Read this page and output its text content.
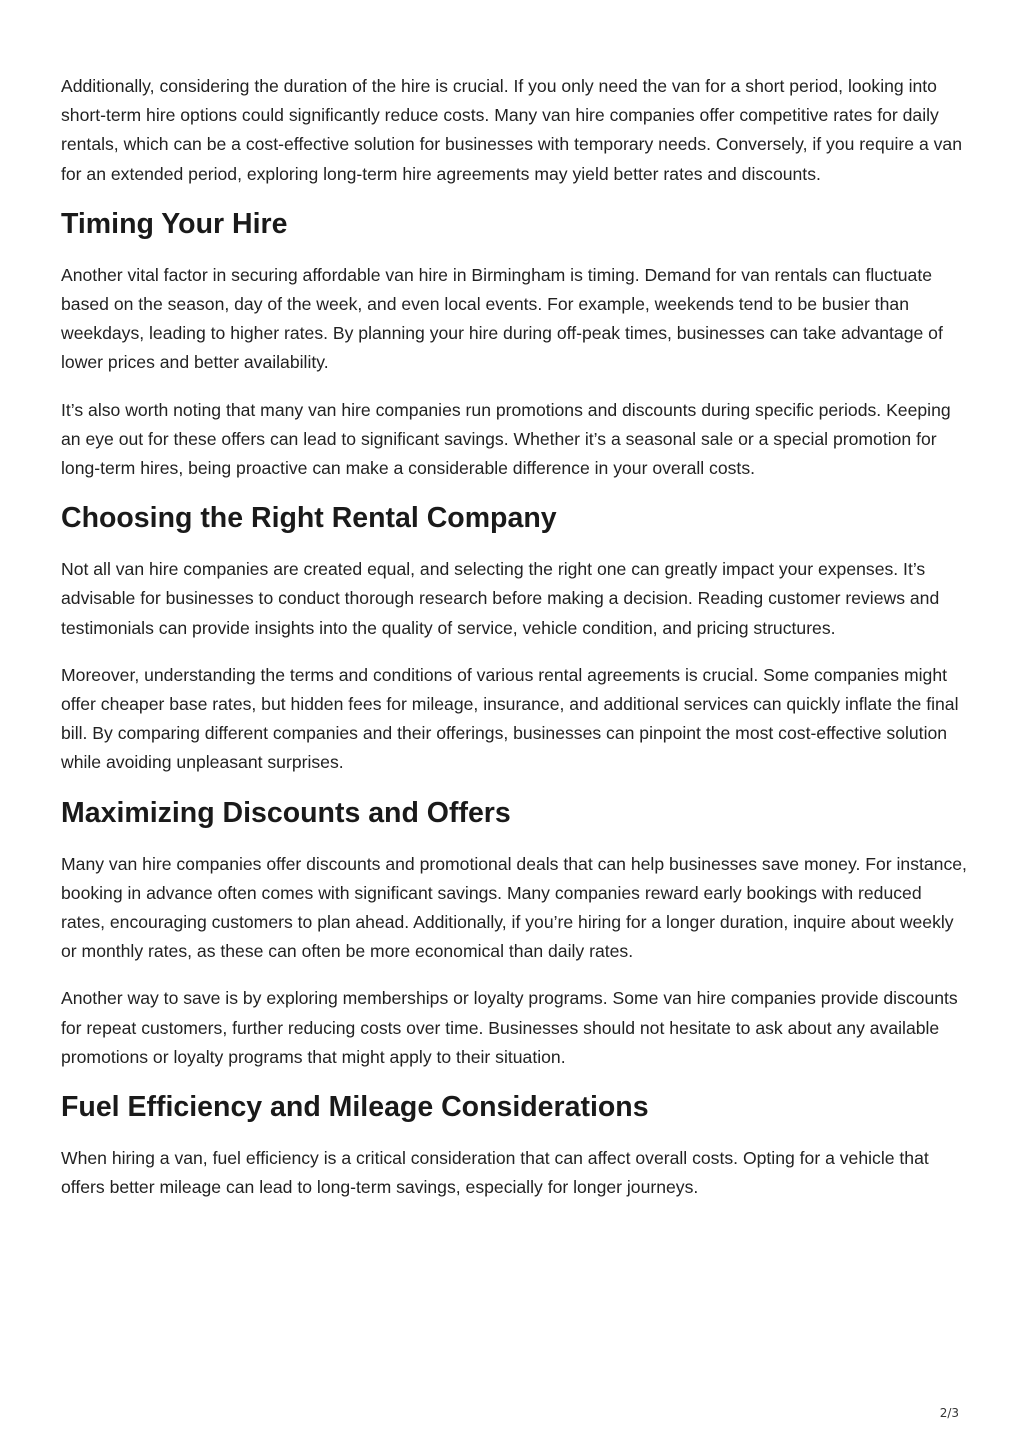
Additionally, considering the duration of the hire is crucial. If you only need the van for a short period, looking into short-term hire options could significantly reduce costs. Many van hire companies offer competitive rates for daily rentals, which can be a cost-effective solution for businesses with temporary needs. Conversely, if you require a van for an extended period, exploring long-term hire agreements may yield better rates and discounts.

Timing Your Hire

Another vital factor in securing affordable van hire in Birmingham is timing. Demand for van rentals can fluctuate based on the season, day of the week, and even local events. For example, weekends tend to be busier than weekdays, leading to higher rates. By planning your hire during off-peak times, businesses can take advantage of lower prices and better availability.

It’s also worth noting that many van hire companies run promotions and discounts during specific periods. Keeping an eye out for these offers can lead to significant savings. Whether it’s a seasonal sale or a special promotion for long-term hires, being proactive can make a considerable difference in your overall costs.

Choosing the Right Rental Company

Not all van hire companies are created equal, and selecting the right one can greatly impact your expenses. It’s advisable for businesses to conduct thorough research before making a decision. Reading customer reviews and testimonials can provide insights into the quality of service, vehicle condition, and pricing structures.

Moreover, understanding the terms and conditions of various rental agreements is crucial. Some companies might offer cheaper base rates, but hidden fees for mileage, insurance, and additional services can quickly inflate the final bill. By comparing different companies and their offerings, businesses can pinpoint the most cost-effective solution while avoiding unpleasant surprises.

Maximizing Discounts and Offers

Many van hire companies offer discounts and promotional deals that can help businesses save money. For instance, booking in advance often comes with significant savings. Many companies reward early bookings with reduced rates, encouraging customers to plan ahead. Additionally, if you’re hiring for a longer duration, inquire about weekly or monthly rates, as these can often be more economical than daily rates.

Another way to save is by exploring memberships or loyalty programs. Some van hire companies provide discounts for repeat customers, further reducing costs over time. Businesses should not hesitate to ask about any available promotions or loyalty programs that might apply to their situation.

Fuel Efficiency and Mileage Considerations

When hiring a van, fuel efficiency is a critical consideration that can affect overall costs. Opting for a vehicle that offers better mileage can lead to long-term savings, especially for longer journeys.

2/3
